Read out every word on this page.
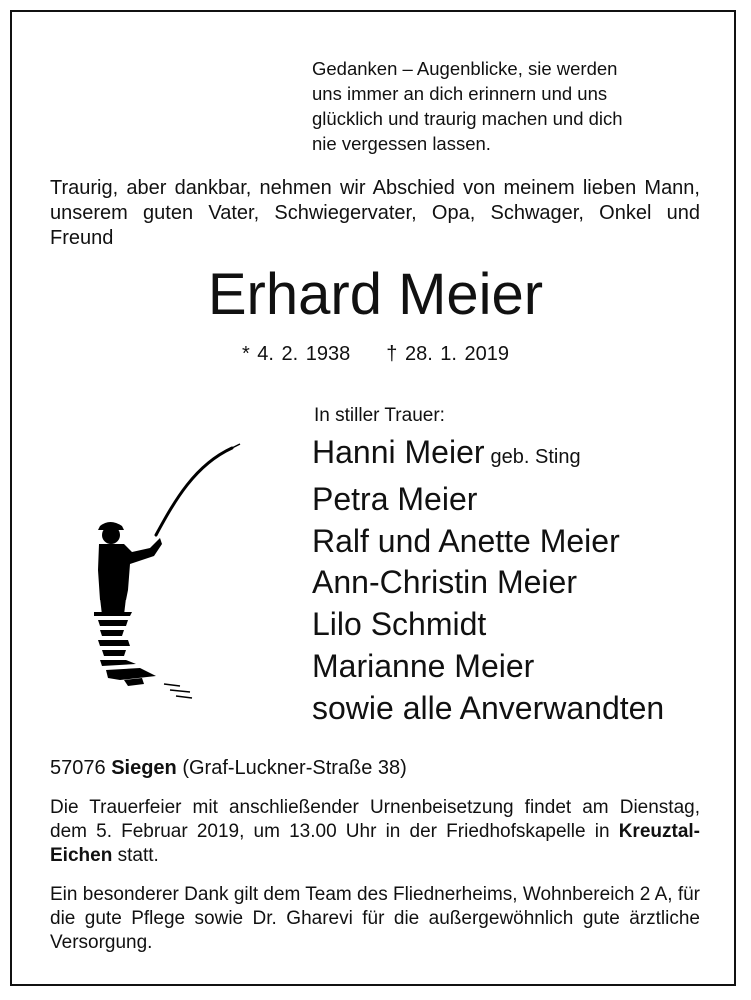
Gedanken – Augenblicke, sie werden
uns immer an dich erinnern und uns
glücklich und traurig machen und dich
nie vergessen lassen.
Traurig, aber dankbar, nehmen wir Abschied von meinem lieben Mann, unserem guten Vater, Schwiegervater, Opa, Schwager, Onkel und Freund
Erhard Meier
* 4. 2. 1938 † 28. 1. 2019
In stiller Trauer:
Hanni Meier geb. Sting
Petra Meier
Ralf und Anette Meier
Ann-Christin Meier
Lilo Schmidt
Marianne Meier
sowie alle Anverwandten
57076 Siegen (Graf-Luckner-Straße 38)
Die Trauerfeier mit anschließender Urnenbeisetzung findet am Dienstag, dem 5. Februar 2019, um 13.00 Uhr in der Friedhofskapelle in Kreuztal-Eichen statt.
Ein besonderer Dank gilt dem Team des Fliednerheims, Wohnbereich 2 A, für die gute Pflege sowie Dr. Gharevi für die außergewöhnlich gute ärztliche Versorgung.
